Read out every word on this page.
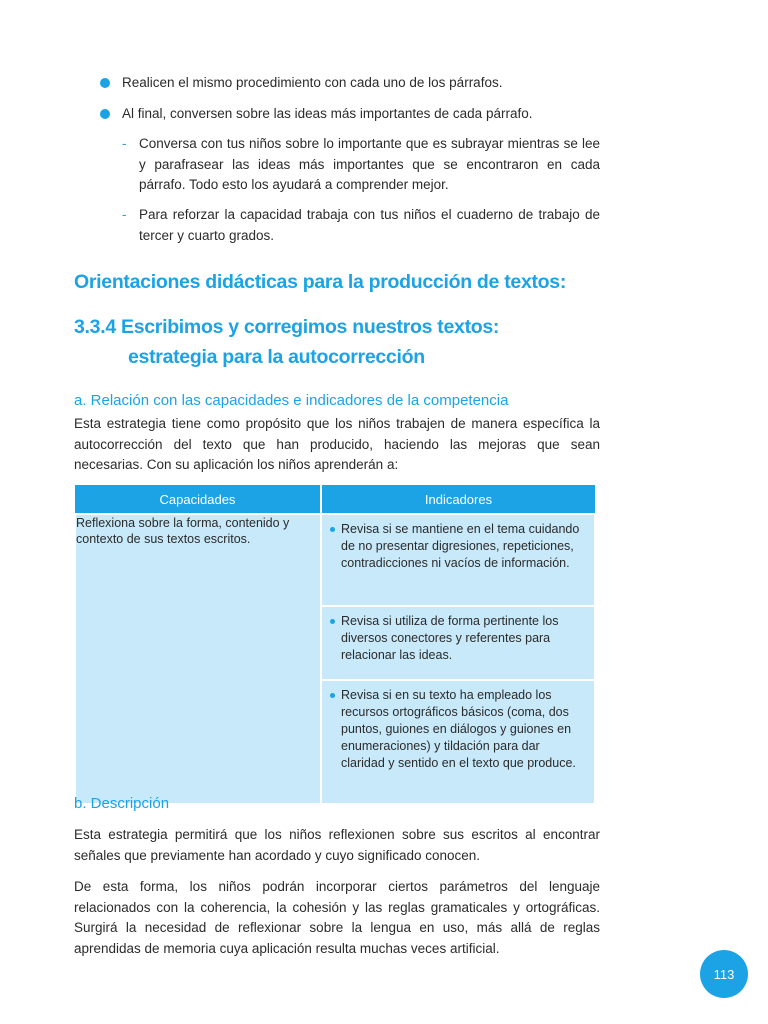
Realicen el mismo procedimiento con cada uno de los párrafos.
Al final, conversen sobre las ideas más importantes de cada párrafo.
- Conversa con tus niños sobre lo importante que es subrayar mientras se lee y parafrasear las ideas más importantes que se encontraron en cada párrafo. Todo esto los ayudará a comprender mejor.
- Para reforzar la capacidad trabaja con tus niños el cuaderno de trabajo de tercer y cuarto grados.
Orientaciones didácticas para la producción de textos:
3.3.4 Escribimos y corregimos nuestros textos:
estrategia para la autocorrección
a. Relación con las capacidades e indicadores de la competencia

Esta estrategia tiene como propósito que los niños trabajen de manera específica la autocorrección del texto que han producido, haciendo las mejoras que sean necesarias. Con su aplicación los niños aprenderán a:

Capacidades	Indicadores
Reflexiona sobre la forma, contenido y contexto de sus textos escritos.	Revisa si se mantiene en el tema cuidando de no presentar digresiones, repeticiones, contradicciones ni vacíos de información.

Revisa si utiliza de forma pertinente los diversos conectores y referentes para relacionar las ideas.

Revisa si en su texto ha empleado los recursos ortográficos básicos (coma, dos puntos, guiones en diálogos y guiones en enumeraciones) y tildación para dar claridad y sentido en el texto que produce.
b. Descripción

Esta estrategia permitirá que los niños reflexionen sobre sus escritos al encontrar señales que previamente han acordado y cuyo significado conocen.

De esta forma, los niños podrán incorporar ciertos parámetros del lenguaje relacionados con la coherencia, la cohesión y las reglas gramaticales y ortográficas. Surgirá la necesidad de reflexionar sobre la lengua en uso, más allá de reglas aprendidas de memoria cuya aplicación resulta muchas veces artificial.

113
